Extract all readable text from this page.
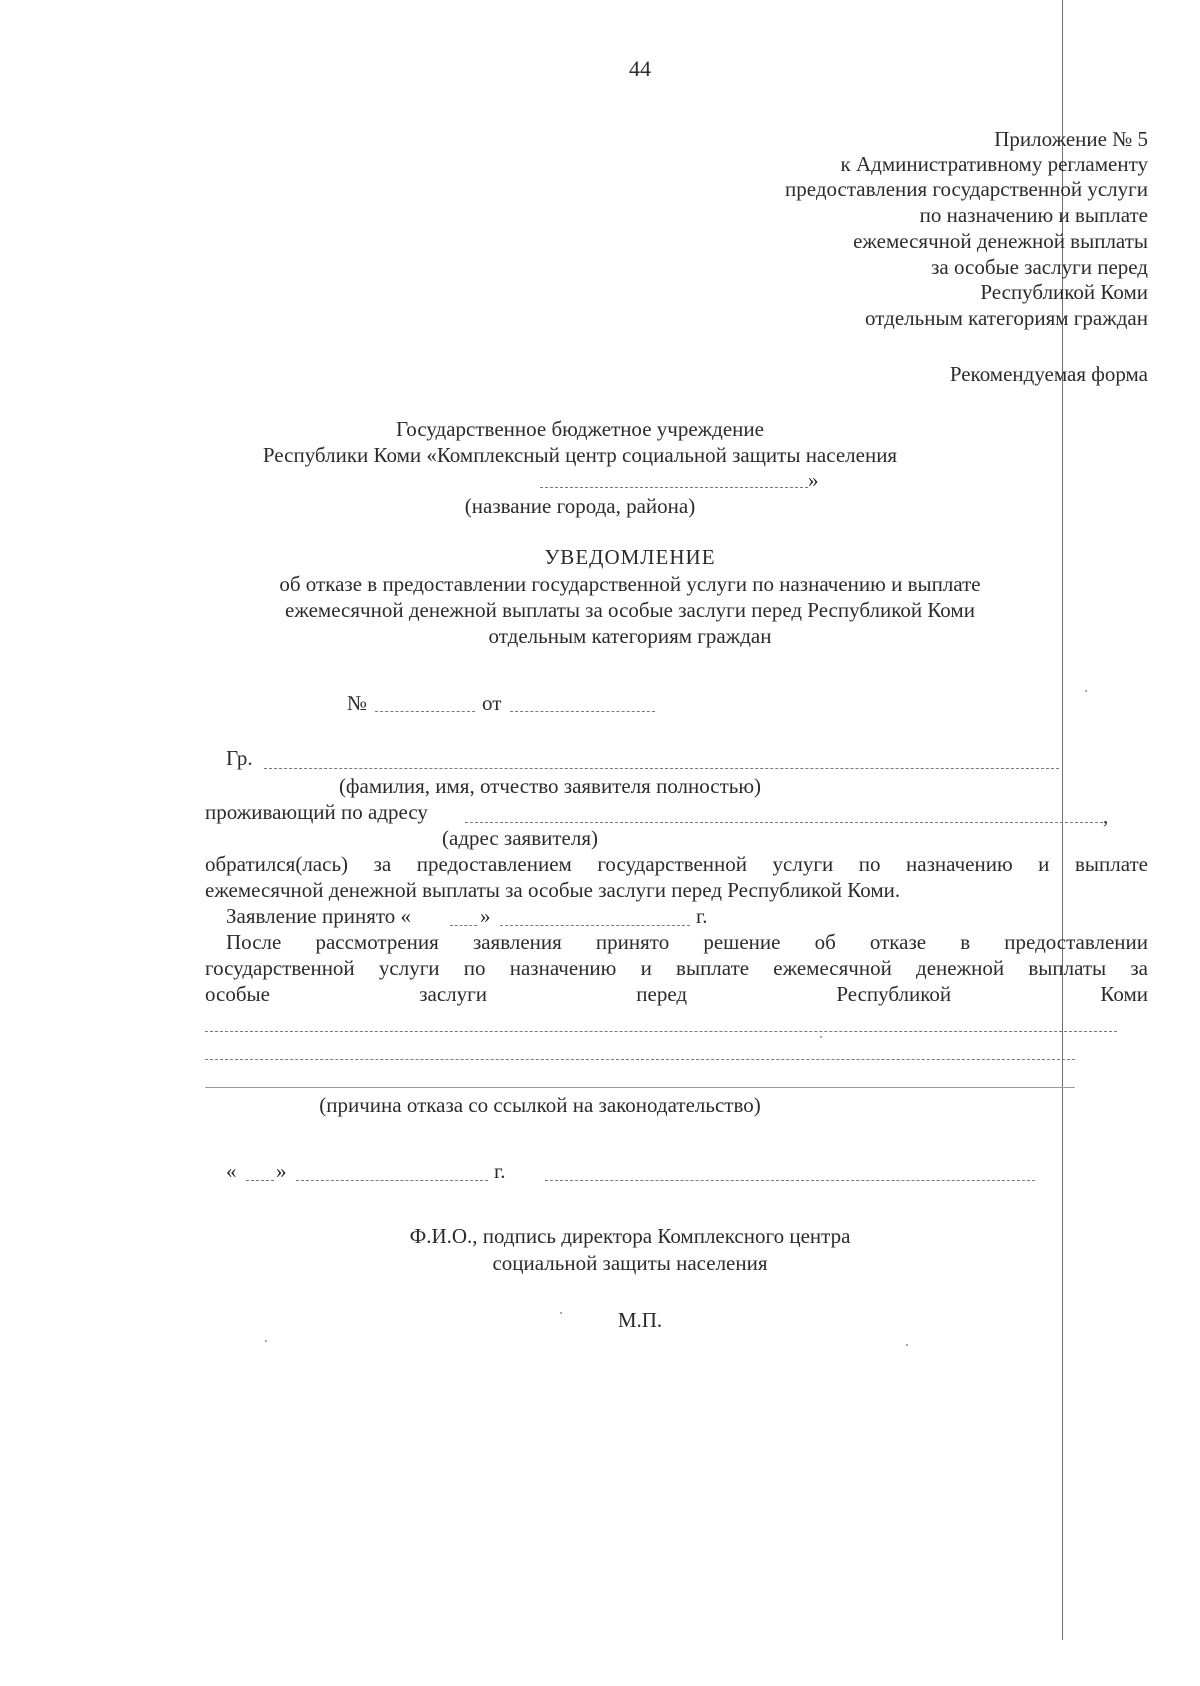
44
Приложение № 5
к Административному регламенту
предоставления государственной услуги
по назначению и выплате
ежемесячной денежной выплаты
за особые заслуги перед
Республикой Коми
отдельным категориям граждан
Рекомендуемая форма
Государственное бюджетное учреждение
Республики Коми «Комплексный центр социальной защиты населения
»
(название города, района)
УВЕДОМЛЕНИЕ
об отказе в предоставлении государственной услуги по назначению и выплате
ежемесячной денежной выплаты за особые заслуги перед Республикой Коми
отдельным категориям граждан
№	от
Гр.
(фамилия, имя, отчество заявителя полностью)
проживающий по адресу	,
(адрес заявителя)
обратился(лась) за предоставлением государственной услуги по назначению и выплате
ежемесячной денежной выплаты за особые заслуги перед Республикой Коми.
Заявление принято «	»	г.
После рассмотрения заявления принято решение об отказе в предоставлении
государственной услуги по назначению и выплате ежемесячной денежной выплаты за
особые	заслуги	перед	Республикой	Коми
(причина отказа со ссылкой на законодательство)
« »	г.
Ф.И.О., подпись директора Комплексного центра
социальной защиты населения
М.П.
